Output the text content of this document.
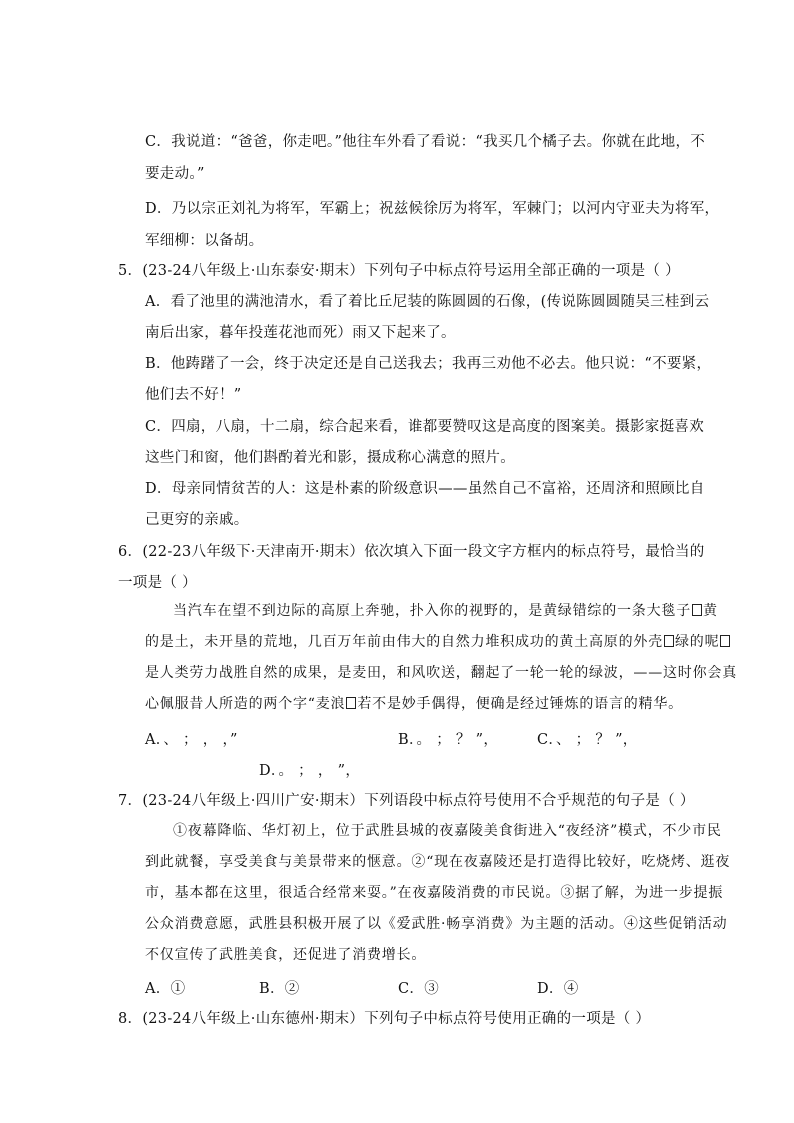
C．我说道：“爸爸，你走吧。”他往车外看了看说：“我买几个橘子去。你就在此地，不
要走动。”
D．乃以宗正刘礼为将军，军霸上；祝兹候徐厉为将军，军棘门；以河内守亚夫为将军，
军细柳：以备胡。
5．(23-24八年级上·山东泰安·期末）下列句子中标点符号运用全部正确的一项是（ ）
A．看了池里的满池清水，看了着比丘尼装的陈圆圆的石像，(传说陈圆圆随吴三桂到云
南后出家，暮年投莲花池而死）雨又下起来了。
B．他踌躇了一会，终于决定还是自己送我去；我再三劝他不必去。他只说：“不要紧，
他们去不好！”
C．四扇，八扇，十二扇，综合起来看，谁都要赞叹这是高度的图案美。摄影家挺喜欢
这些门和窗，他们斟酌着光和影，摄成称心满意的照片。
D．母亲同情贫苦的人：这是朴素的阶级意识——虽然自己不富裕，还周济和照顾比自
己更穷的亲戚。
6．(22-23八年级下·天津南开·期末）依次填入下面一段文字方框内的标点符号，最恰当的
一项是（ ）
当汽车在望不到边际的高原上奔驰，扑入你的视野的，是黄绿错综的一条大毯子 黄
的是土，未开垦的荒地，几百万年前由伟大的自然力堆积成功的黄土高原的外壳 绿的呢
是人类劳力战胜自然的成果，是麦田，和风吹送，翻起了一轮一轮的绿波，——这时你会真
心佩服昔人所造的两个字“麦浪 若不是妙手偶得，便确是经过锤炼的语言的精华。
A．、 ； ， ，”	B．。 ； ？ ”，	C．、 ； ？ ”，
D．。 ； ， ”，
7．(23-24八年级上·四川广安·期末）下列语段中标点符号使用不合乎规范的句子是（ ）
①夜幕降临、华灯初上，位于武胜县城的夜嘉陵美食街进入“夜经济”模式，不少市民
到此就餐，享受美食与美景带来的惬意。②“现在夜嘉陵还是打造得比较好，吃烧烤、逛夜
市，基本都在这里，很适合经常来耍。”在夜嘉陵消费的市民说。③据了解，为进一步提振
公众消费意愿，武胜县积极开展了以《爱武胜·畅享消费》为主题的活动。④这些促销活动
不仅宣传了武胜美食，还促进了消费增长。
A．①	B．②	C．③	D．④
8．(23-24八年级上·山东德州·期末）下列句子中标点符号使用正确的一项是（ ）
